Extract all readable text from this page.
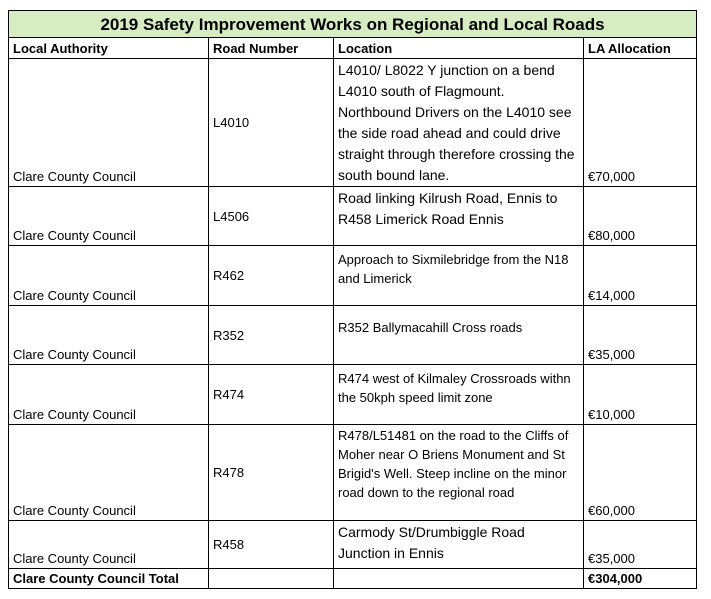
2019 Safety Improvement Works on Regional and Local Roads			
Local Authority	Road Number	Location	LA Allocation
Clare County Council	L4010	L4010/ L8022 Y junction on a bend L4010 south of Flagmount. Northbound Drivers on the L4010 see the side road ahead and could drive straight through therefore crossing the south bound lane.	€70,000
Clare County Council	L4506	Road linking Kilrush Road, Ennis to R458 Limerick Road Ennis	€80,000
Clare County Council	R462	Approach to Sixmilebridge from the N18 and Limerick	€14,000
Clare County Council	R352	R352 Ballymacahill Cross roads	€35,000
Clare County Council	R474	R474 west of Kilmaley Crossroads withn the 50kph speed limit zone	€10,000
Clare County Council	R478	R478/L51481 on the road to the Cliffs of Moher near O Briens Monument and St Brigid's Well. Steep incline on the minor road down to the regional road	€60,000
Clare County Council	R458	Carmody St/Drumbiggle Road Junction in Ennis	€35,000
Clare County Council Total			€304,000
